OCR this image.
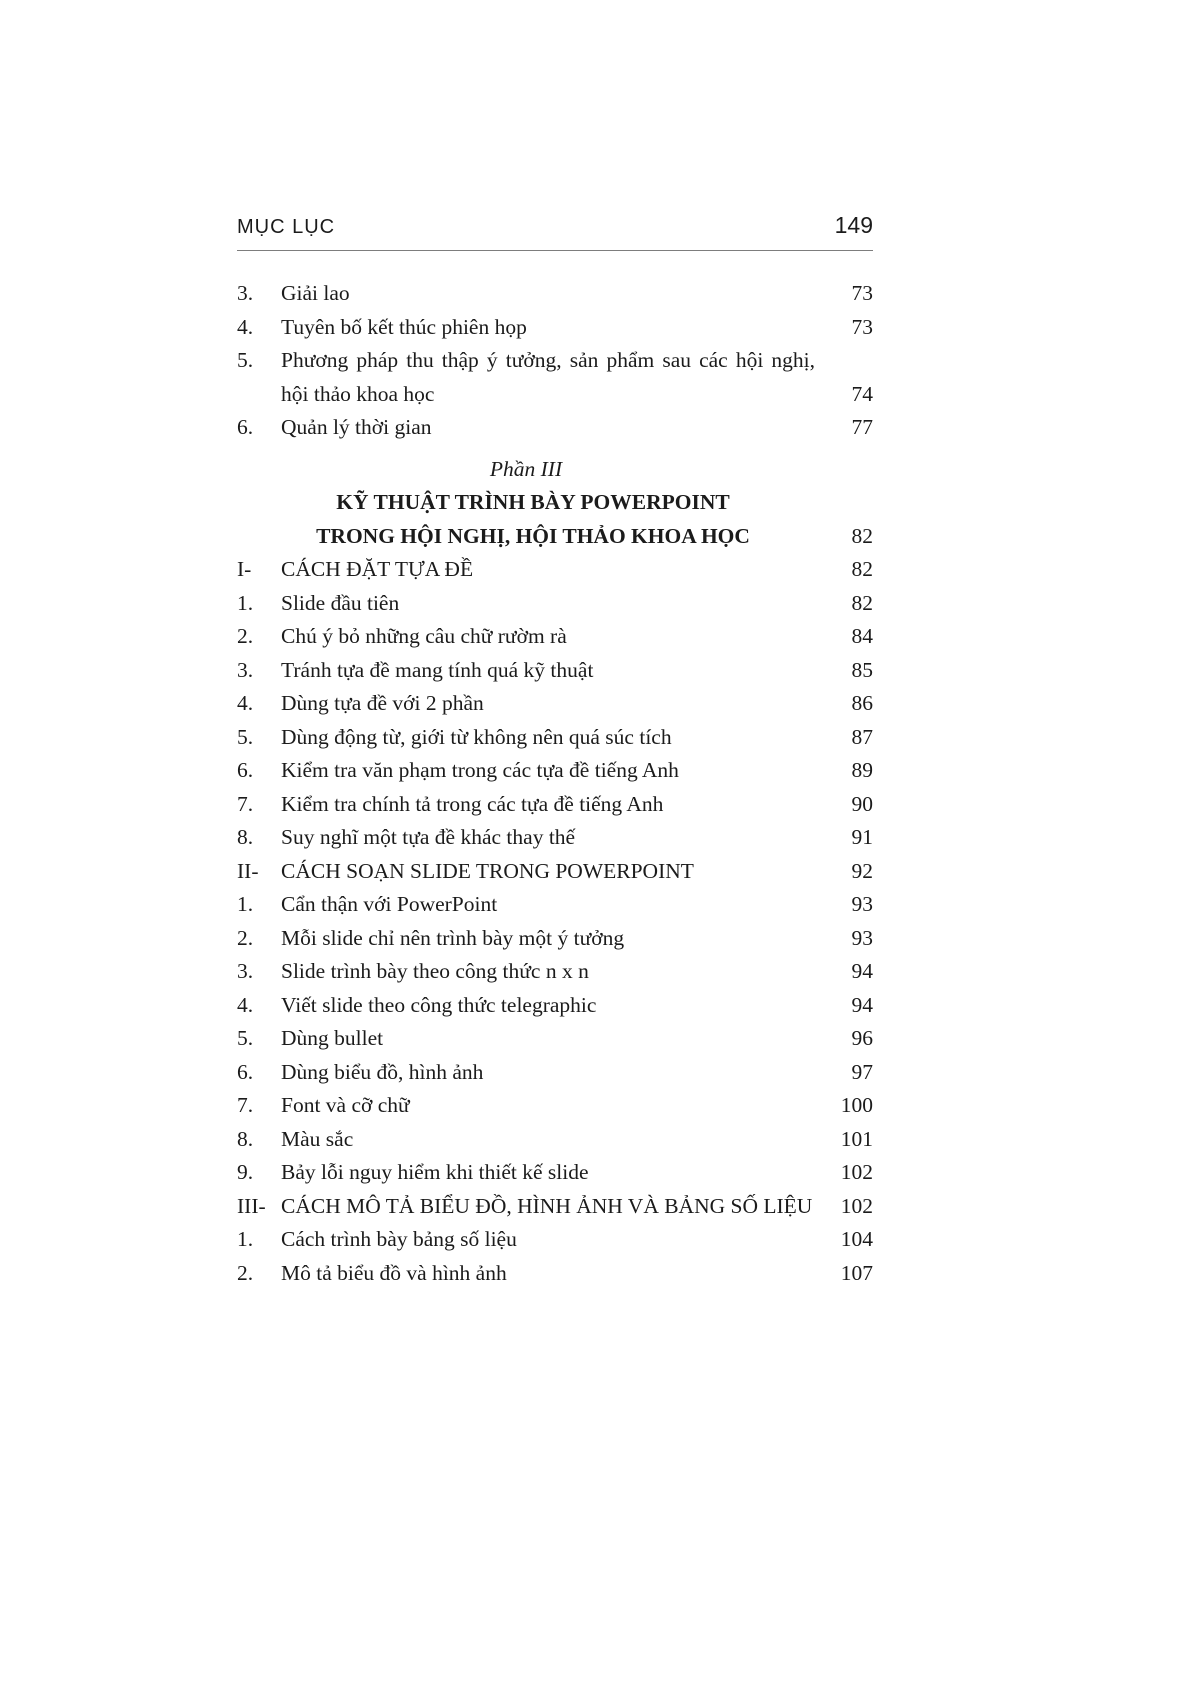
MỤC LỤC	149
3.	Giải lao	73
4.	Tuyên bố kết thúc phiên họp	73
5.	Phương pháp thu thập ý tưởng, sản phẩm sau các hội nghị, hội thảo khoa học	74
6.	Quản lý thời gian	77
Phần III
KỸ THUẬT TRÌNH BÀY POWERPOINT
TRONG HỘI NGHỊ, HỘI THẢO KHOA HỌC	82
I-	CÁCH ĐẶT TỰA ĐỀ	82
1.	Slide đầu tiên	82
2.	Chú ý bỏ những câu chữ rườm rà	84
3.	Tránh tựa đề mang tính quá kỹ thuật	85
4.	Dùng tựa đề với 2 phần	86
5.	Dùng động từ, giới từ không nên quá súc tích	87
6.	Kiểm tra văn phạm trong các tựa đề tiếng Anh	89
7.	Kiểm tra chính tả trong các tựa đề tiếng Anh	90
8.	Suy nghĩ một tựa đề khác thay thế	91
II-	CÁCH SOẠN SLIDE TRONG POWERPOINT	92
1.	Cẩn thận với PowerPoint	93
2.	Mỗi slide chỉ nên trình bày một ý tưởng	93
3.	Slide trình bày theo công thức n x n	94
4.	Viết slide theo công thức telegraphic	94
5.	Dùng bullet	96
6.	Dùng biểu đồ, hình ảnh	97
7.	Font và cỡ chữ	100
8.	Màu sắc	101
9.	Bảy lỗi nguy hiểm khi thiết kế slide	102
III- CÁCH MÔ TẢ BIỂU ĐỒ, HÌNH ẢNH VÀ BẢNG SỐ LIỆU	102
1.	Cách trình bày bảng số liệu	104
2.	Mô tả biểu đồ và hình ảnh	107
